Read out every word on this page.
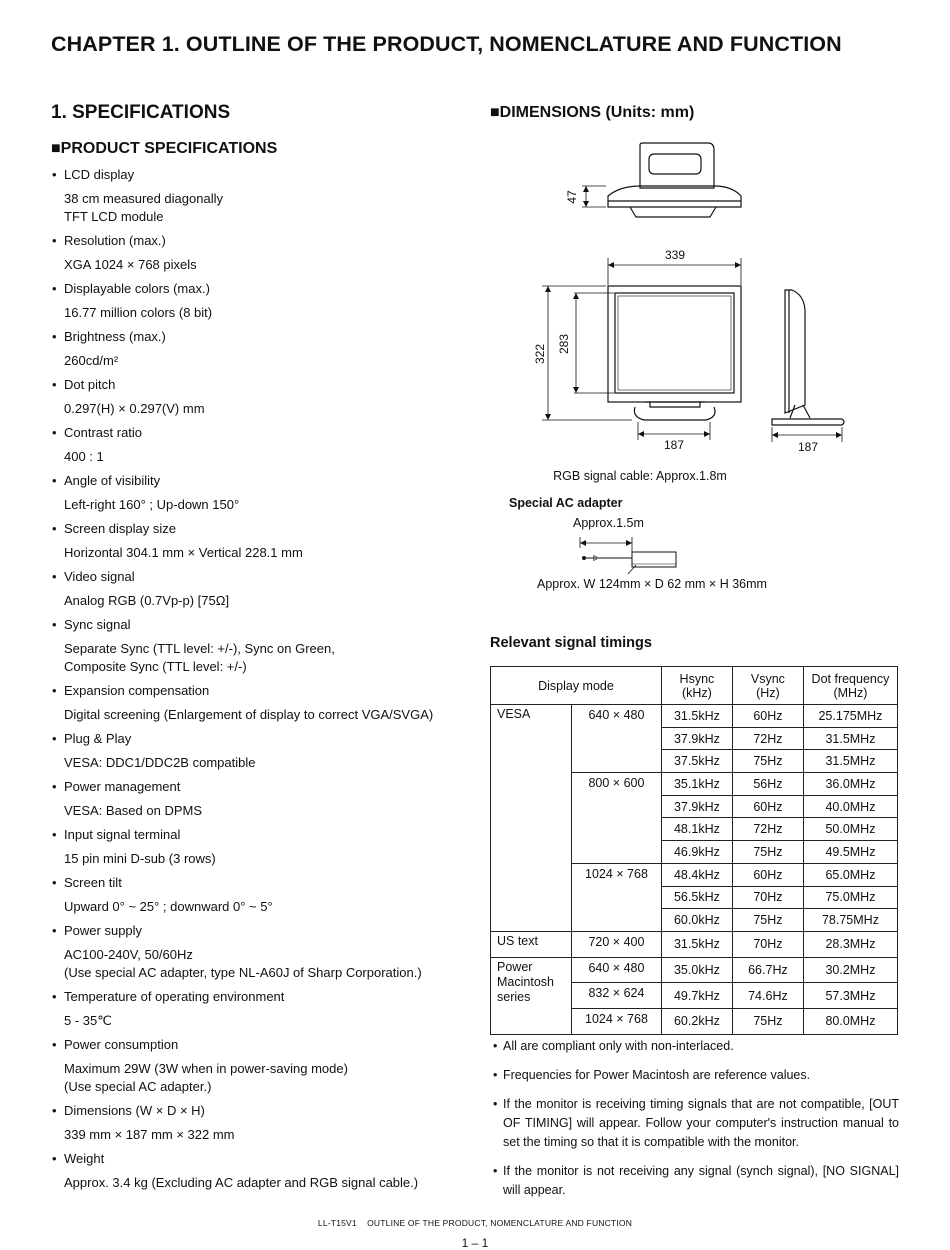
CHAPTER 1. OUTLINE OF THE PRODUCT, NOMENCLATURE AND FUNCTION
1. SPECIFICATIONS
■PRODUCT SPECIFICATIONS
• LCD display
38 cm measured diagonally
TFT LCD module
• Resolution (max.)
XGA 1024 × 768 pixels
• Displayable colors (max.)
16.77 million colors (8 bit)
• Brightness (max.)
260cd/m²
• Dot pitch
0.297(H) × 0.297(V) mm
• Contrast ratio
400 : 1
• Angle of visibility
Left-right 160° ; Up-down 150°
• Screen display size
Horizontal 304.1 mm × Vertical 228.1 mm
• Video signal
Analog RGB (0.7Vp-p) [75Ω]
• Sync signal
Separate Sync (TTL level: +/-), Sync on Green,
Composite Sync (TTL level: +/-)
• Expansion compensation
Digital screening (Enlargement of display to correct VGA/SVGA)
• Plug & Play
VESA: DDC1/DDC2B compatible
• Power management
VESA: Based on DPMS
• Input signal terminal
15 pin mini D-sub (3 rows)
• Screen tilt
Upward 0° ~ 25° ; downward 0° ~ 5°
• Power supply
AC100-240V, 50/60Hz
(Use special AC adapter, type NL-A60J of Sharp Corporation.)
• Temperature of operating environment
5 - 35℃
• Power consumption
Maximum 29W (3W when in power-saving mode)
(Use special AC adapter.)
• Dimensions (W × D × H)
339 mm × 187 mm × 322 mm
• Weight
Approx. 3.4 kg (Excluding AC adapter and RGB signal cable.)
■DIMENSIONS (Units: mm)
47
339
322 283
187	187
RGB signal cable: Approx.1.8m
Special AC adapter
Approx.1.5m
Approx. W 124mm × D 62 mm × H 36mm
Relevant signal timings
Display mode		Hsync
(kHz)	Vsync
(Hz)	Dot frequency
(MHz)
VESA	640 × 480	31.5kHz	60Hz	25.175MHz
		37.9kHz	72Hz	31.5MHz
		37.5kHz	75Hz	31.5MHz
	800 × 600	35.1kHz	56Hz	36.0MHz
		37.9kHz	60Hz	40.0MHz
		48.1kHz	72Hz	50.0MHz
		46.9kHz	75Hz	49.5MHz
	1024 × 768	48.4kHz	60Hz	65.0MHz
		56.5kHz	70Hz	75.0MHz
		60.0kHz	75Hz	78.75MHz
US text	720 × 400	31.5kHz	70Hz	28.3MHz
Power
Macintosh
series	640 × 480	35.0kHz	66.7Hz	30.2MHz
	832 × 624	49.7kHz	74.6Hz	57.3MHz
	1024 × 768	60.2kHz	75Hz	80.0MHz
• All are compliant only with non-interlaced.
• Frequencies for Power Macintosh are reference values.
• If the monitor is receiving timing signals that are not compatible, [OUT OF TIMING] will appear. Follow your computer's instruction manual to set the timing so that it is compatible with the monitor.
• If the monitor is not receiving any signal (synch signal), [NO SIGNAL] will appear.
LL-T15V1    OUTLINE OF THE PRODUCT, NOMENCLATURE AND FUNCTION
1 – 1
